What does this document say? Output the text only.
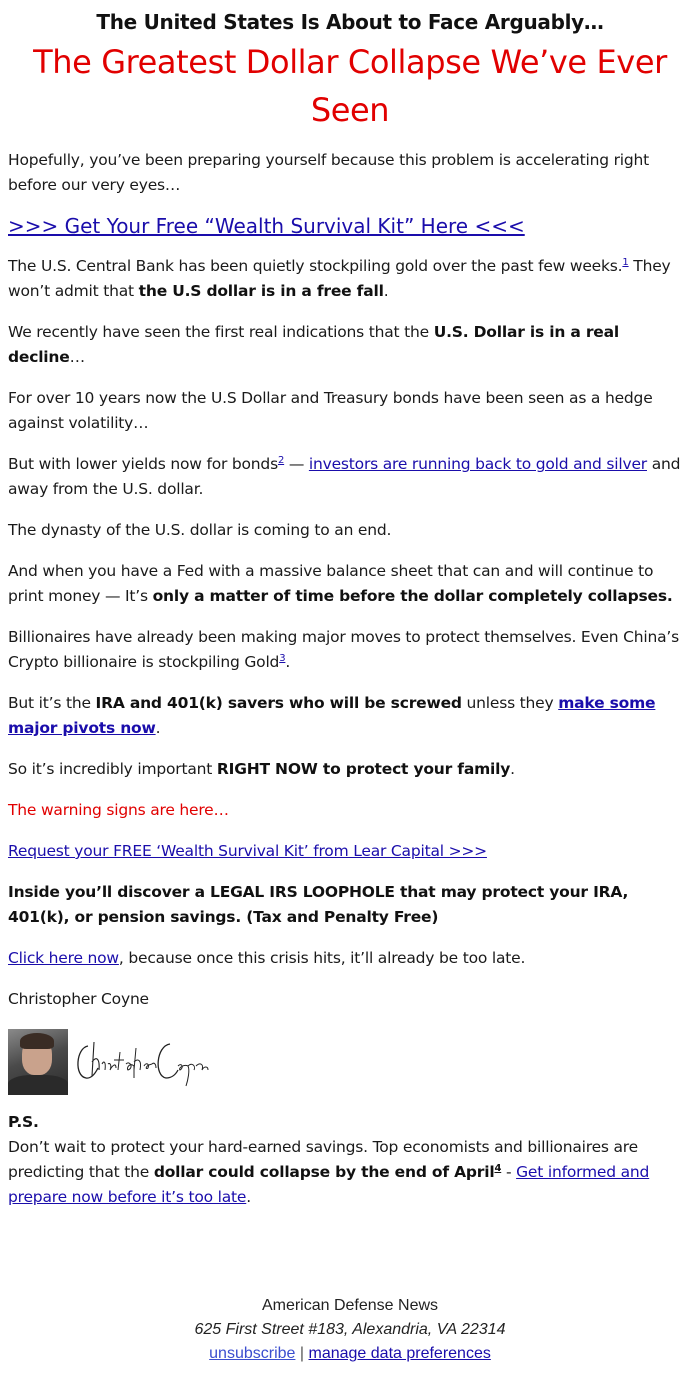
The United States Is About to Face Arguably…
The Greatest Dollar Collapse We’ve Ever Seen

Hopefully, you’ve been preparing yourself because this problem is accelerating right before our very eyes…

>>> Get Your Free “Wealth Survival Kit” Here <<<

The U.S. Central Bank has been quietly stockpiling gold over the past few weeks.$^1$ They won’t admit that the U.S dollar is in a free fall.

We recently have seen the first real indications that the U.S. Dollar is in a real decline…

For over 10 years now the U.S Dollar and Treasury bonds have been seen as a hedge against volatility…

But with lower yields now for bonds$^2$ — investors are running back to gold and silver and away from the U.S. dollar.

The dynasty of the U.S. dollar is coming to an end.

And when you have a Fed with a massive balance sheet that can and will continue to print money — It’s only a matter of time before the dollar completely collapses.

Billionaires have already been making major moves to protect themselves. Even China’s Crypto billionaire is stockpiling Gold$^3$.

But it’s the IRA and 401(k) savers who will be screwed unless they make some major pivots now.

So it’s incredibly important RIGHT NOW to protect your family.

The warning signs are here…

Request your FREE ‘Wealth Survival Kit’ from Lear Capital >>>

Inside you’ll discover a LEGAL IRS LOOPHOLE that may protect your IRA, 401(k), or pension savings. (Tax and Penalty Free)

Click here now, because once this crisis hits, it’ll already be too late.

Christopher Coyne

P.S.

Don’t wait to protect your hard-earned savings. Top economists and billionaires are predicting that the dollar could collapse by the end of April$^4$ - Get informed and prepare now before it’s too late.

American Defense News
625 First Street #183, Alexandria, VA 22314
unsubscribe | manage data preferences
